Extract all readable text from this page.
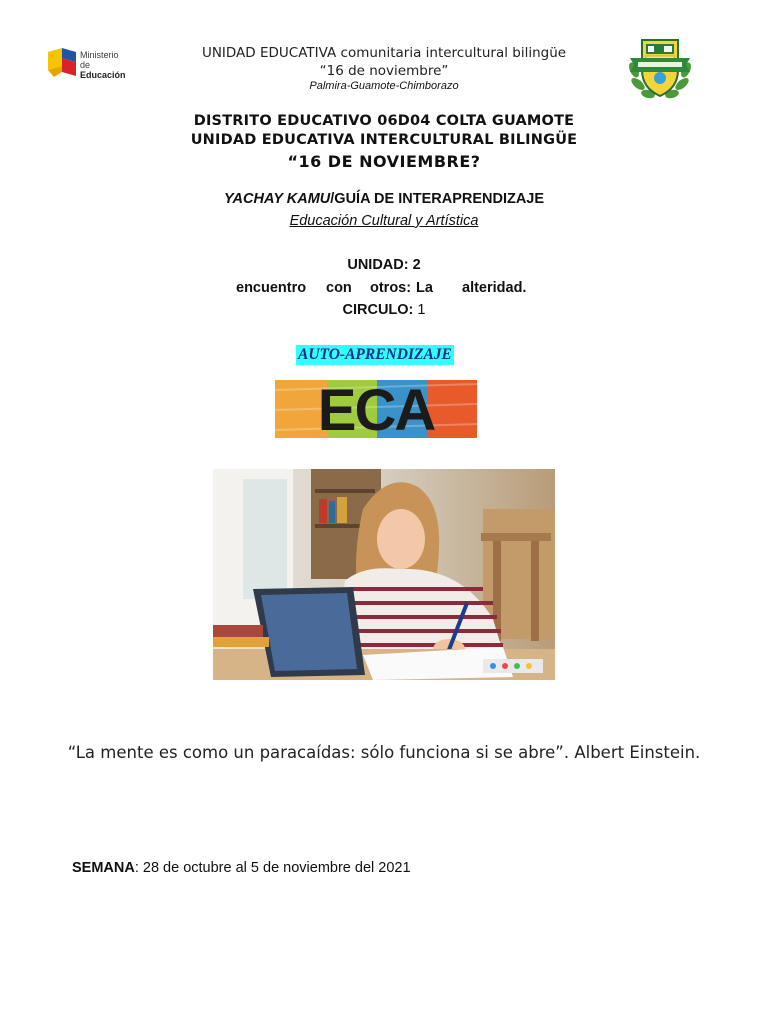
Ministerio
de Educación
UNIDAD EDUCATIVA comunitaria intercultural bilingüe
“16 de noviembre”
Palmira-Guamote-Chimborazo
DISTRITO EDUCATIVO 06D04 COLTA GUAMOTE
UNIDAD EDUCATIVA INTERCULTURAL BILINGÜE
“16 DE NOVIEMBRE?
YACHAY KAMU/GUÍA DE INTERAPRENDIZAJE
Educación Cultural y Artística
UNIDAD: 2
encuentro con otros: La alteridad.
CIRCULO: 1
AUTO-APRENDIZAJE
ECA
“La mente es como un paracaídas: sólo funciona si se abre”. Albert Einstein.
SEMANA: 28 de octubre al 5 de noviembre del 2021
